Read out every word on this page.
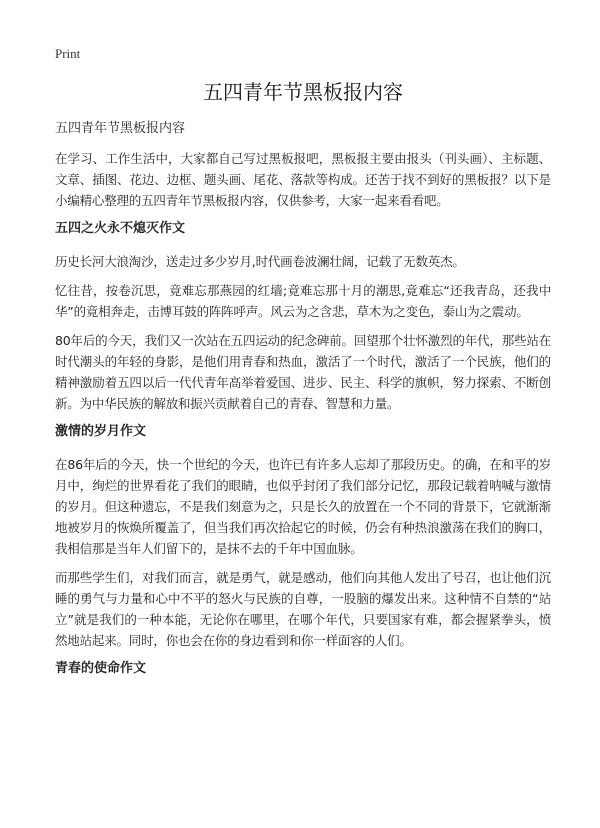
Print
五四青年节黑板报内容
五四青年节黑板报内容

在学习、工作生活中，大家都自己写过黑板报吧，黑板报主要由报头（刊头画）、主标题、文章、插图、花边、边框、题头画、尾花、落款等构成。还苦于找不到好的黑板报？以下是小编精心整理的五四青年节黑板报内容，仅供参考，大家一起来看看吧。

五四之火永不熄灭作文

历史长河大浪淘沙，送走过多少岁月,时代画卷波澜壮阔，记载了无数英杰。

忆往昔，按卷沉思，竟难忘那燕园的红墙;竟难忘那十月的潮思,竟难忘“还我青岛，还我中华”的竟相奔走，击博耳鼓的阵阵呼声。风云为之含悲，草木为之变色，泰山为之震动。

80年后的今天，我们又一次站在五四运动的纪念碑前。回望那个壮怀激烈的年代，那些站在时代潮头的年轻的身影，是他们用青春和热血，激活了一个时代，激活了一个民族，他们的精神激励着五四以后一代代青年高举着爱国、进步、民主、科学的旗帜，努力探索、不断创新。为中华民族的解放和振兴贡献着自己的青春、智慧和力量。

激情的岁月作文

在86年后的今天，快一个世纪的今天，也许已有许多人忘却了那段历史。的确，在和平的岁月中，绚烂的世界看花了我们的眼睛，也似乎封闭了我们部分记忆，那段记载着呐喊与激情的岁月。但这种遗忘，不是我们刻意为之，只是长久的放置在一个不同的背景下，它就渐渐地被岁月的恢焕所覆盖了，但当我们再次拾起它的时候，仍会有种热浪激荡在我们的胸口，我相信那是当年人们留下的，是抹不去的千年中国血脉。

而那些学生们，对我们而言，就是勇气，就是感动，他们向其他人发出了号召，也让他们沉睡的勇气与力量和心中不平的怒火与民族的自尊，一股脑的爆发出来。这种情不自禁的“站立”就是我们的一种本能，无论你在哪里，在哪个年代，只要国家有难，都会握紧拳头，愤然地站起来。同时，你也会在你的身边看到和你一样面容的人们。

青春的使命作文
